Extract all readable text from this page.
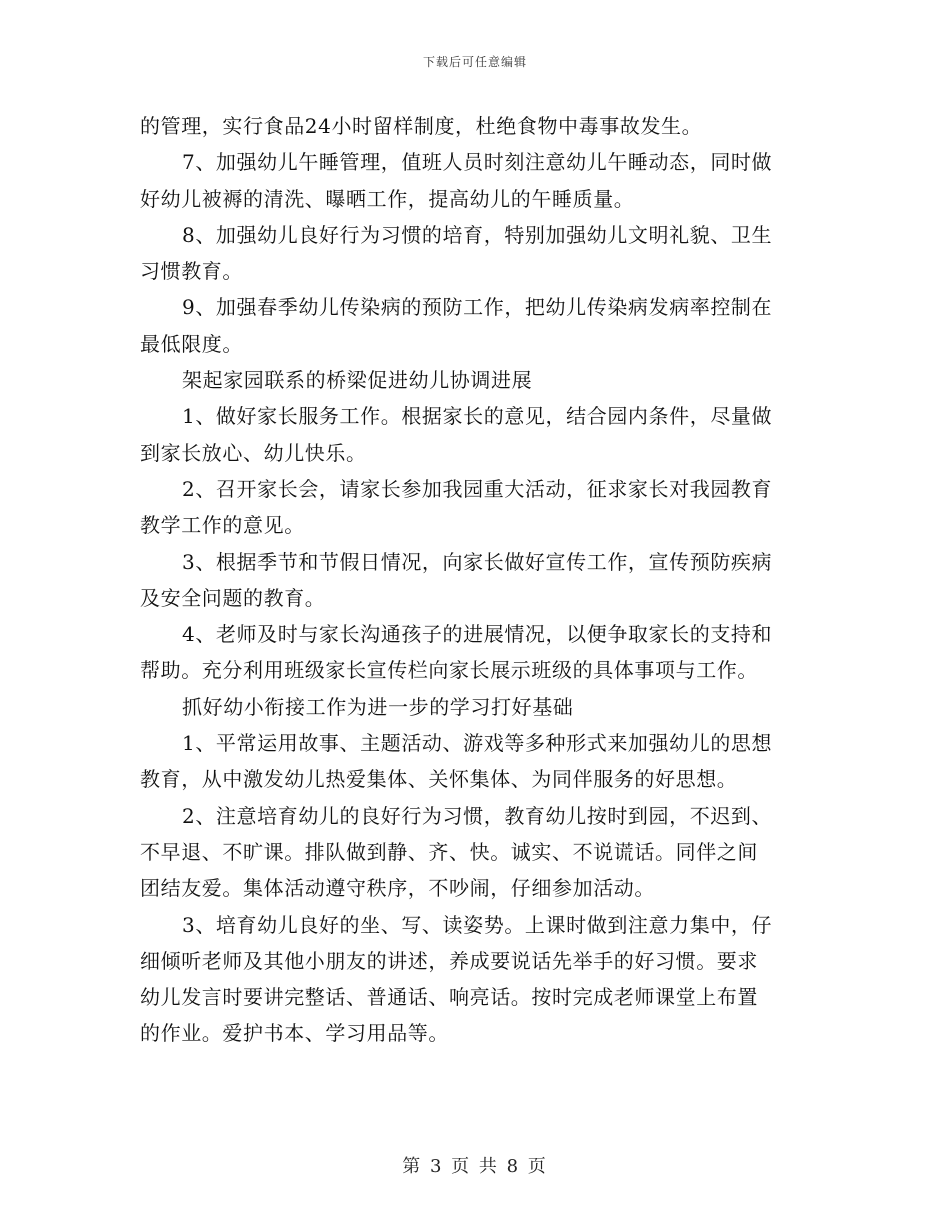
下载后可任意编辑
的管理，实行食品24小时留样制度，杜绝食物中毒事故发生。
7、加强幼儿午睡管理，值班人员时刻注意幼儿午睡动态，同时做
好幼儿被褥的清洗、曝晒工作，提高幼儿的午睡质量。
8、加强幼儿良好行为习惯的培育，特别加强幼儿文明礼貌、卫生
习惯教育。
9、加强春季幼儿传染病的预防工作，把幼儿传染病发病率控制在
最低限度。
架起家园联系的桥梁促进幼儿协调进展
1、做好家长服务工作。根据家长的意见，结合园内条件，尽量做
到家长放心、幼儿快乐。
2、召开家长会，请家长参加我园重大活动，征求家长对我园教育
教学工作的意见。
3、根据季节和节假日情况，向家长做好宣传工作，宣传预防疾病
及安全问题的教育。
4、老师及时与家长沟通孩子的进展情况，以便争取家长的支持和
帮助。充分利用班级家长宣传栏向家长展示班级的具体事项与工作。
抓好幼小衔接工作为进一步的学习打好基础
1、平常运用故事、主题活动、游戏等多种形式来加强幼儿的思想
教育，从中激发幼儿热爱集体、关怀集体、为同伴服务的好思想。
2、注意培育幼儿的良好行为习惯，教育幼儿按时到园，不迟到、
不早退、不旷课。排队做到静、齐、快。诚实、不说谎话。同伴之间
团结友爱。集体活动遵守秩序，不吵闹，仔细参加活动。
3、培育幼儿良好的坐、写、读姿势。上课时做到注意力集中，仔
细倾听老师及其他小朋友的讲述，养成要说话先举手的好习惯。要求
幼儿发言时要讲完整话、普通话、响亮话。按时完成老师课堂上布置
的作业。爱护书本、学习用品等。
第 3 页 共 8 页
